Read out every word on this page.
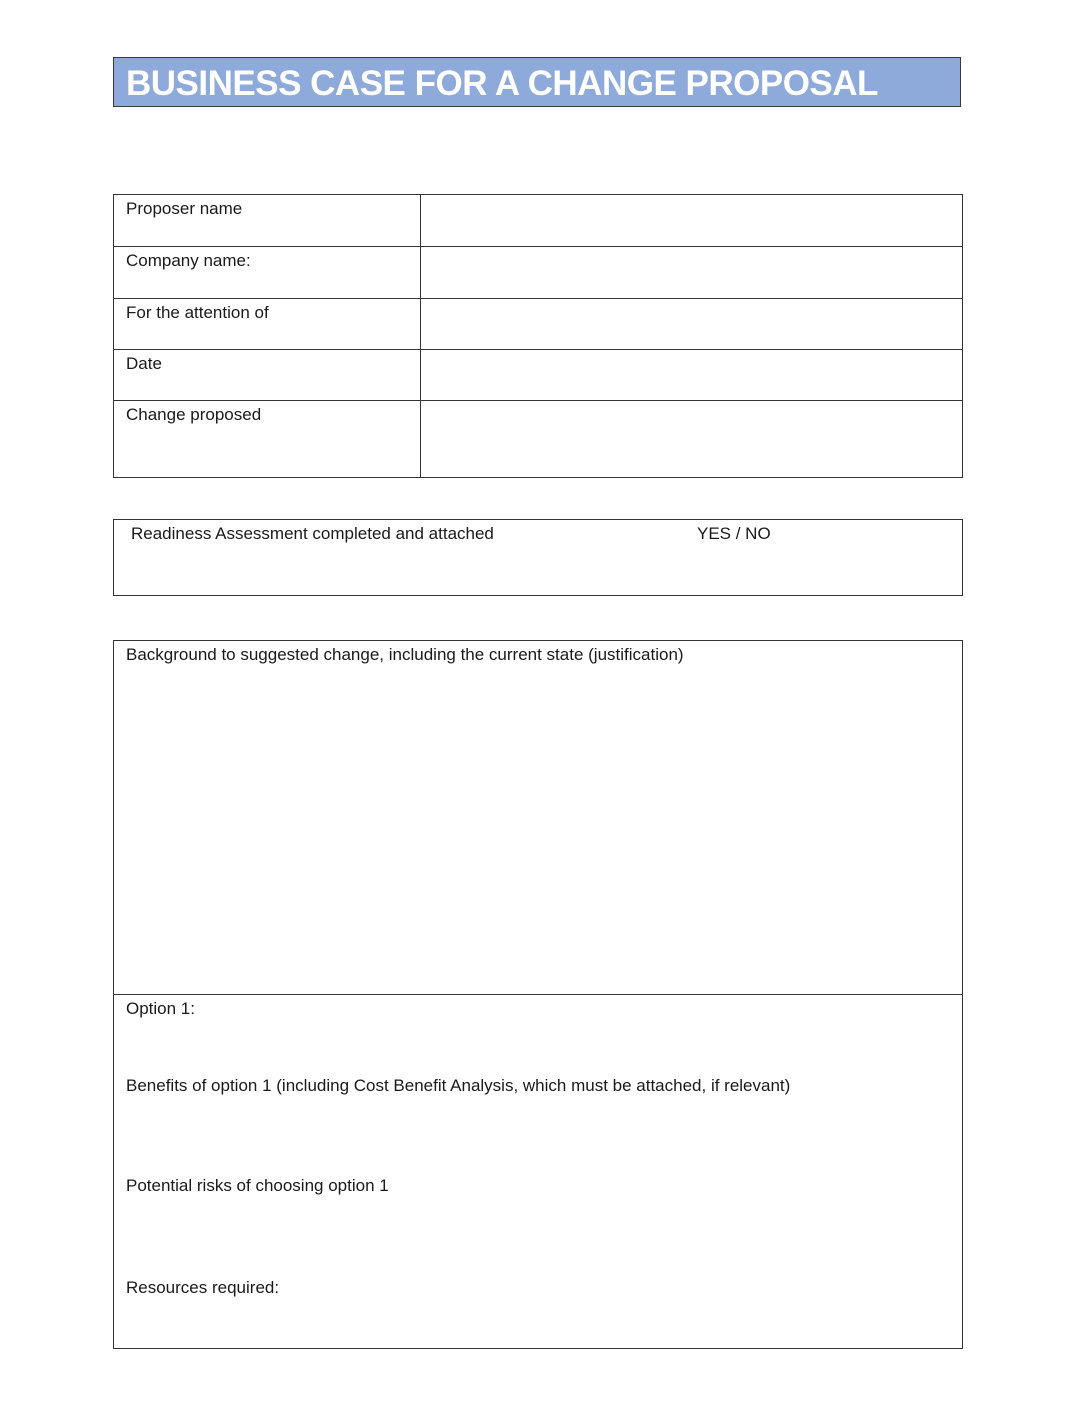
BUSINESS CASE FOR A CHANGE PROPOSAL
Proposer name	
Company name:	
For the attention of	
Date	
Change proposed	
Readiness Assessment completed and attached	YES / NO
Background to suggested change, including the current state (justification)
Option 1:
Benefits of option 1 (including Cost Benefit Analysis, which must be attached, if relevant)
Potential risks of choosing option 1
Resources required:
